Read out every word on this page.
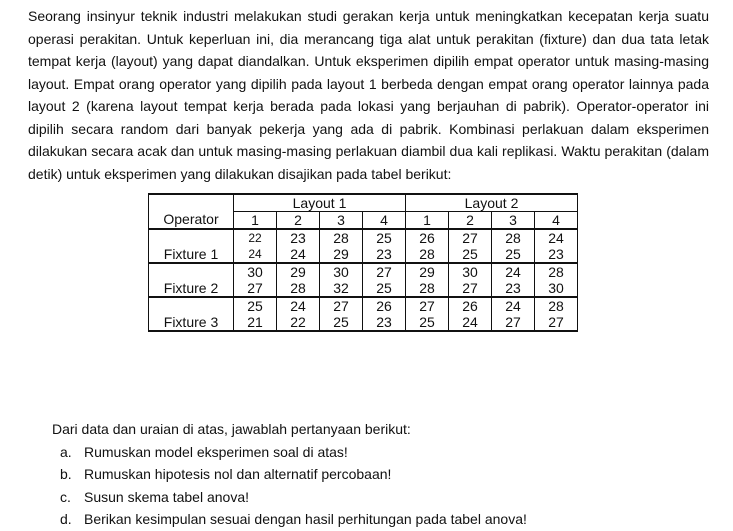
Seorang insinyur teknik industri melakukan studi gerakan kerja untuk meningkatkan kecepatan kerja suatu operasi perakitan. Untuk keperluan ini, dia merancang tiga alat untuk perakitan (fixture) dan dua tata letak tempat kerja (layout) yang dapat diandalkan. Untuk eksperimen dipilih empat operator untuk masing-masing layout. Empat orang operator yang dipilih pada layout 1 berbeda dengan empat orang operator lainnya pada layout 2 (karena layout tempat kerja berada pada lokasi yang berjauhan di pabrik). Operator-operator ini dipilih secara random dari banyak pekerja yang ada di pabrik. Kombinasi perlakuan dalam eksperimen dilakukan secara acak dan untuk masing-masing perlakuan diambil dua kali replikasi. Waktu perakitan (dalam detik) untuk eksperimen yang dilakukan disajikan pada tabel berikut:

Operator	Layout 1				Layout 2			
	1	2	3	4	1	2	3	4
Fixture 1	22	23	28	25	26	27	28	24
	24	24	29	23	28	25	25	23
Fixture 2	30	29	30	27	29	30	24	28
	27	28	32	25	28	27	23	30
Fixture 3	25	24	27	26	27	26	24	28
	21	22	25	23	25	24	27	27
Dari data dan uraian di atas, jawablah pertanyaan berikut:
a. Rumuskan model eksperimen soal di atas!
b. Rumuskan hipotesis nol dan alternatif percobaan!
c. Susun skema tabel anova!
d. Berikan kesimpulan sesuai dengan hasil perhitungan pada tabel anova!
